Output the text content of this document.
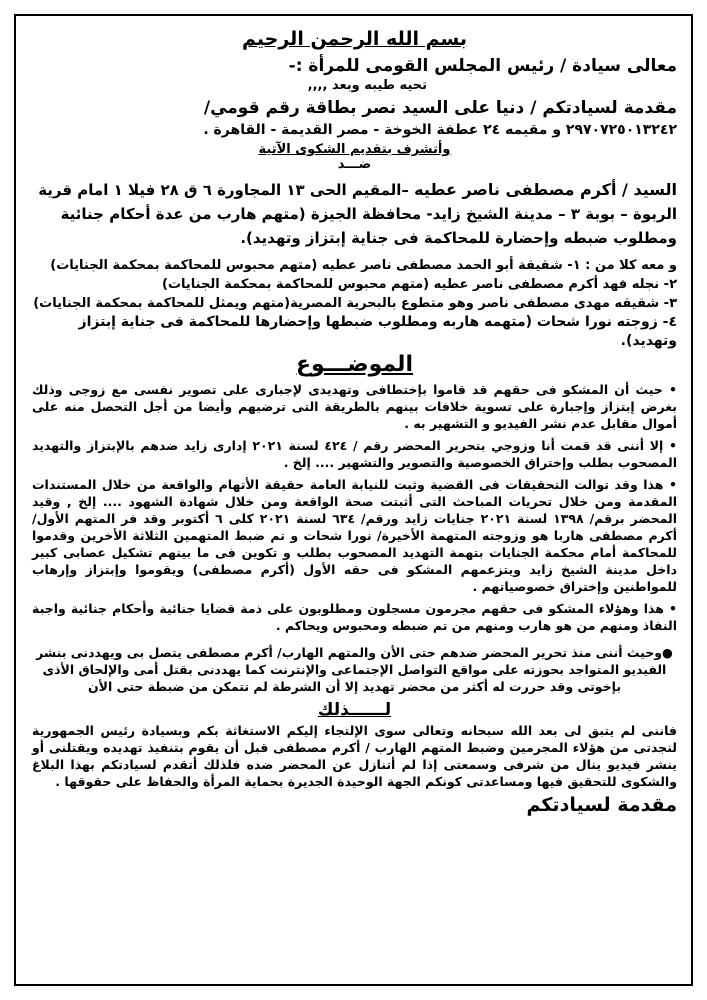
بسم الله الرحمن الرحيم
معالى سيادة / رئيس المجلس القومى للمرأة :-
تحيه طيبه وبعد ,,,,
مقدمة لسيادتكم / دنيا على السيد نصر بطاقة رقم قومي/
٢٩٧٠٧٢٥٠١٣٢٤٢ و مقيمه ٢٤ عطفة الخوخة - مصر القديمة - القاهرة .
وأتشرف بتقديم الشكوى الآتية
ضـــد
السيد / أكرم مصطفى ناصر عطيه –المقيم الحى ١٣ المجاورة ٦ ق ٢٨ فيلا ١ امام قرية الربوة – بوبة ٣ – مدينة الشيخ زايد- محافظة الجيزة (متهم هارب من عدة أحكام جنائية ومطلوب ضبطه وإحضارة للمحاكمة فى جناية إبتزاز وتهديد).
و معه كلا من : ١- شقيقة أبو الحمد مصطفى ناصر عطيه (متهم محبوس للمحاكمة بمحكمة الجنايات)
٢- نجله فهد أكرم مصطفى ناصر عطيه (متهم محبوس للمحاكمة بمحكمة الجنايات)
٣- شقيقه مهدى مصطفى ناصر وهو متطوع بالبحرية المصرية(متهم ويمثل للمحاكمة بمحكمة الجنايات)
٤- زوجته نورا شحات (متهمه هاربه ومطلوب ضبطها وإحضارها للمحاكمة فى جناية إبتزاز وتهديد).
الموضـــوع
• حيث أن المشكو فى حقهم قد قاموا بإختطافى وتهديدى لإجبارى على تصوير نفسى مع زوجى وذلك بغرض إبتزاز وإجبارة على تسوية خلافات بينهم بالطريقة التى ترضيهم وأيضا من أجل التحصل منه على أموال مقابل عدم نشر الفيديو و التشهير به .
• إلا أننى قد قمت أنا وزوجي بتحرير المحضر رقم / ٤٢٤ لسنة ٢٠٢١ إدارى زايد ضدهم بالإبتزاز والتهديد المصحوب بطلب وإختراق الخصوصية والتصوير والتشهير .... إلخ .
• هذا وقد توالت التحقيقات فى القضية وثبت للنيابة العامة حقيقة الأتهام والواقعة من خلال المستندات المقدمة ومن خلال تحريات المباحث التى أثبتت صحة الواقعة ومن خلال شهادة الشهود .... إلخ , وقيد المحضر برقم/ ١٣٩٨ لسنة ٢٠٢١ جنايات زايد ورقم/ ٦٣٤ لسنة ٢٠٢١ كلى ٦ أكتوبر وقد فر المتهم الأول/ أكرم مصطفى هاربا هو وزوجته المتهمة الأخيرة/ نورا شحات و تم ضبط المتهمين الثلاثة الأخرين وقدموا للمحاكمة أمام محكمة الجنايات بتهمة التهديد المصحوب بطلب و تكوين فى ما بينهم تشكيل عصابى كبير داخل مدينة الشيخ زايد ويتزعمهم المشكو فى حقه الأول (أكرم مصطفى) ويقوموا وإبتزاز وإرهاب للمواطنين وإختراق خصوصياتهم .
• هذا وهؤلاء المشكو فى حقهم مجرمون مسجلون ومطلوبون على ذمة قضايا جنائية وأحكام جنائية واجبة النفاذ ومنهم من هو هارب ومنهم من تم ضبطه ومحبوس ويحاكم .
●وحيث أننى منذ تحرير المحضر ضدهم حتى الأن والمتهم الهارب/ أكرم مصطفى يتصل بى ويهددنى بنشر الفيديو المتواجد بحوزته على مواقع التواصل الإجتماعى والإنترنت كما يهددنى بقتل أمى والإلحاق الأذى بإخوتى وقد حررت له أكثر من محضر تهديد إلا أن الشرطة لم تتمكن من ضبطة حتى الأن
لــــــذلك
فاننى لم يتبق لى بعد الله سبحانه وتعالى سوى الإلتجاء إليكم الاستغاثة بكم وبسيادة رئيس الجمهورية لنجدتى من هؤلاء المجرمين وضبط المتهم الهارب / أكرم مصطفى قبل أن يقوم بتنفيذ تهديده ويقتلنى أو ينشر فيديو ينال من شرفى وسمعتى إذا لم أتنازل عن المحضر ضده فلذلك أتقدم لسيادتكم بهذا البلاغ والشكوى للتحقيق فيها ومساعدتى كونكم الجهة الوحيدة الجديرة بحماية المرأة والحفاظ على حقوقها .
مقدمة لسيادتكم
